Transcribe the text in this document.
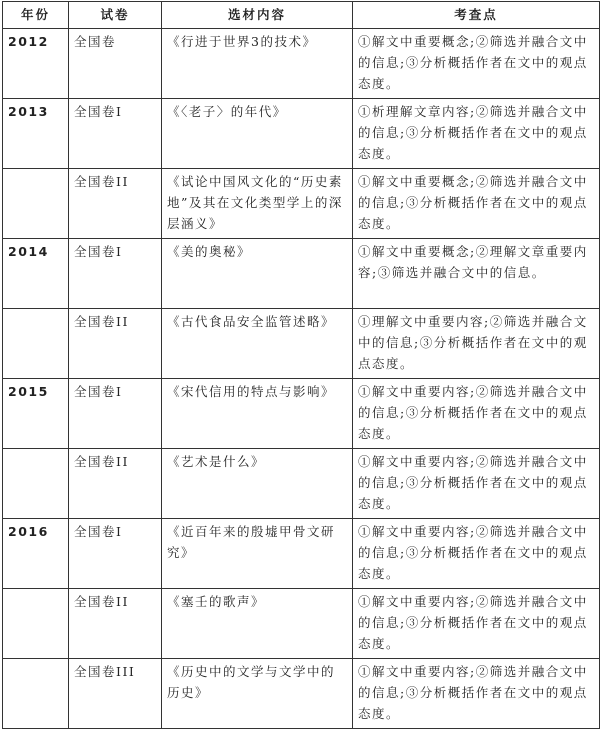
年份	试卷	选材内容	考查点
2012	全国卷	《行进于世界3的技术》	①解文中重要概念;②筛选并融合文中的信息;③分析概括作者在文中的观点态度。
2013	全国卷I	《〈老子〉的年代》	①析理解文章内容;②筛选并融合文中的信息;③分析概括作者在文中的观点态度。
	全国卷II	《试论中国风文化的“历史素地”及其在文化类型学上的深层涵义》	①解文中重要概念;②筛选并融合文中的信息;③分析概括作者在文中的观点态度。
2014	全国卷I	《美的奥秘》	①解文中重要概念;②理解文章重要内容;③筛选并融合文中的信息。
	全国卷II	《古代食品安全监管述略》	①理解文中重要内容;②筛选并融合文中的信息;③分析概括作者在文中的观点态度。
2015	全国卷I	《宋代信用的特点与影响》	①解文中重要内容;②筛选并融合文中的信息;③分析概括作者在文中的观点态度。
	全国卷II	《艺术是什么》	①解文中重要内容;②筛选并融合文中的信息;③分析概括作者在文中的观点态度。
2016	全国卷I	《近百年来的殷墟甲骨文研究》	①解文中重要内容;②筛选并融合文中的信息;③分析概括作者在文中的观点态度。
	全国卷II	《塞壬的歌声》	①解文中重要内容;②筛选并融合文中的信息;③分析概括作者在文中的观点态度。
	全国卷III	《历史中的文学与文学中的历史》	①解文中重要内容;②筛选并融合文中的信息;③分析概括作者在文中的观点态度。
